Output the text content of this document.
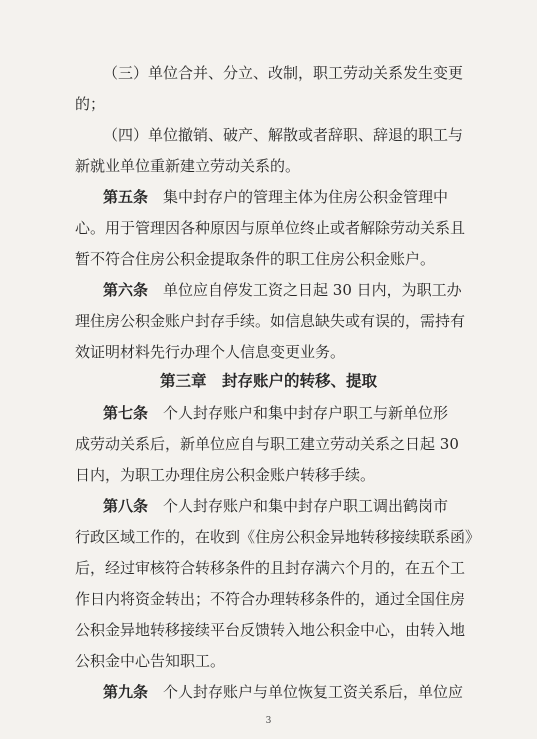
（三）单位合并、分立、改制，职工劳动关系发生变更
的；
（四）单位撤销、破产、解散或者辞职、辞退的职工与
新就业单位重新建立劳动关系的。
第五条  集中封存户的管理主体为住房公积金管理中
心。用于管理因各种原因与原单位终止或者解除劳动关系且
暂不符合住房公积金提取条件的职工住房公积金账户。
第六条  单位应自停发工资之日起 30 日内，为职工办
理住房公积金账户封存手续。如信息缺失或有误的，需持有
效证明材料先行办理个人信息变更业务。
第三章　封存账户的转移、提取
第七条  个人封存账户和集中封存户职工与新单位形
成劳动关系后，新单位应自与职工建立劳动关系之日起 30
日内，为职工办理住房公积金账户转移手续。
第八条  个人封存账户和集中封存户职工调出鹤岗市
行政区域工作的，在收到《住房公积金异地转移接续联系函》
后，经过审核符合转移条件的且封存满六个月的，在五个工
作日内将资金转出；不符合办理转移条件的，通过全国住房
公积金异地转移接续平台反馈转入地公积金中心，由转入地
公积金中心告知职工。
第九条  个人封存账户与单位恢复工资关系后，单位应
3
